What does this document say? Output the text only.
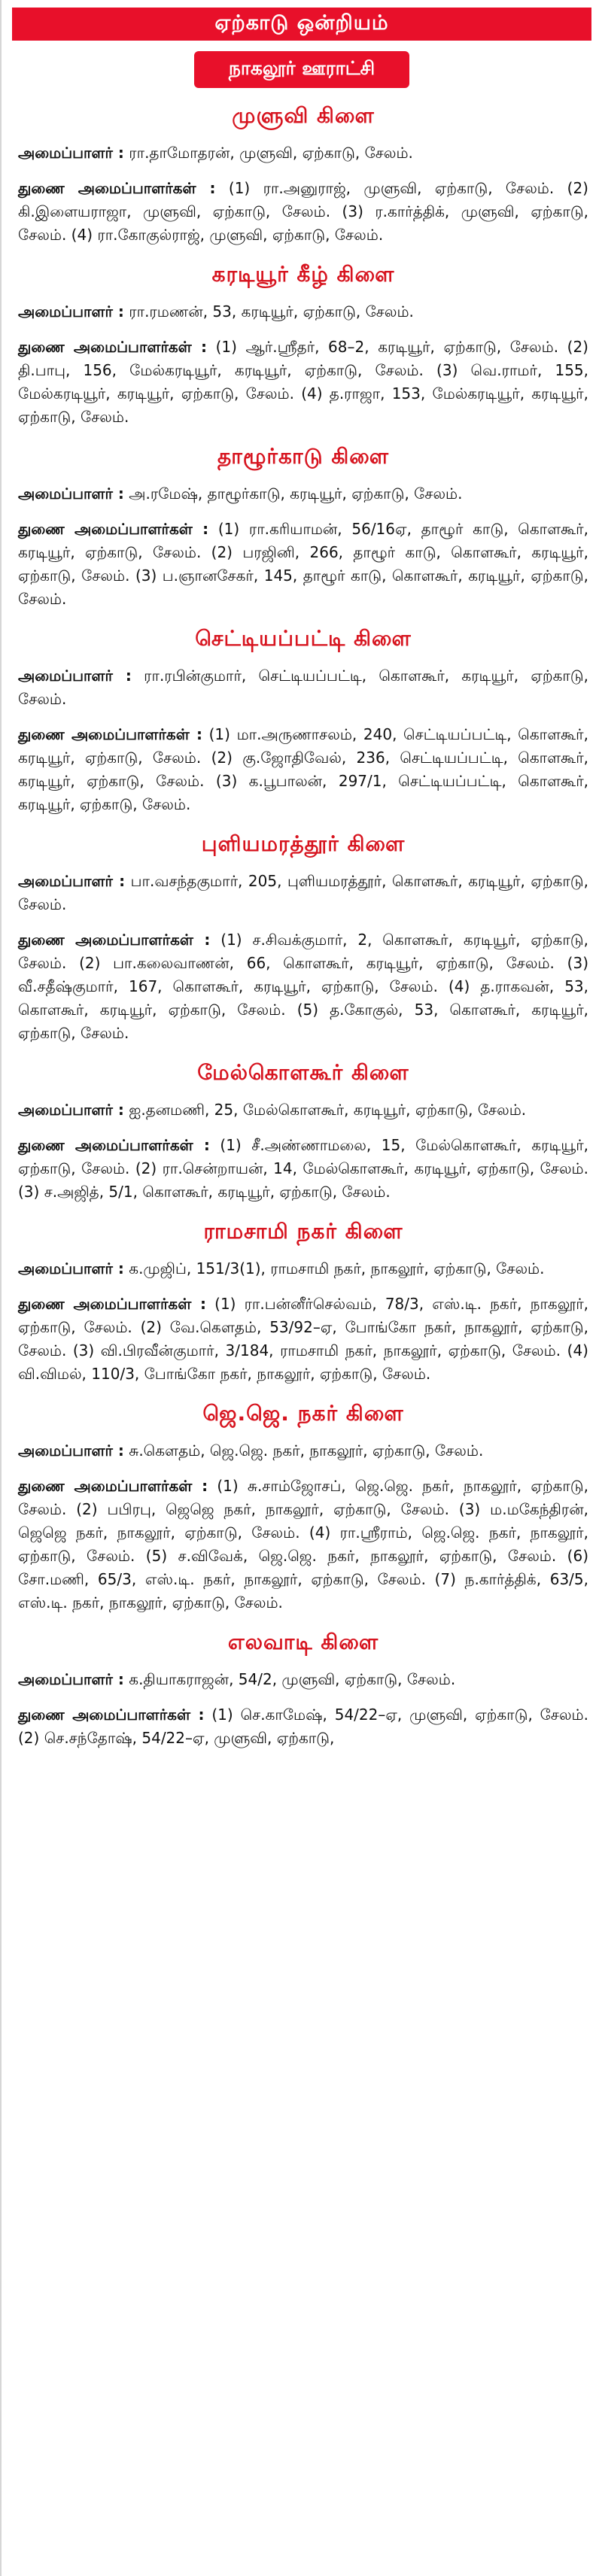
ஏற்காடு ஒன்றியம்
நாகலூர் ஊராட்சி
முளுவி கிளை

அமைப்பாளர் : ரா.தாமோதரன், முளுவி, ஏற்காடு, சேலம்.

துணை அமைப்பாளர்கள் : (1) ரா.அனுராஜ், முளுவி, ஏற்காடு, சேலம். (2) கி.இளையராஜா, முளுவி, ஏற்காடு, சேலம். (3) ர.கார்த்திக், முளுவி, ஏற்காடு, சேலம். (4) ரா.கோகுல்ராஜ், முளுவி, ஏற்காடு, சேலம்.

கரடியூர் கீழ் கிளை

அமைப்பாளர் : ரா.ரமணன், 53, கரடியூர், ஏற்காடு, சேலம்.

துணை அமைப்பாளர்கள் : (1) ஆர்.ஸ்ரீதர், 68–2, கரடியூர், ஏற்காடு, சேலம். (2) தி.பாபு, 156, மேல்கரடியூர், கரடியூர், ஏற்காடு, சேலம். (3) வெ.ராமர், 155, மேல்கரடியூர், கரடியூர், ஏற்காடு, சேலம். (4) த.ராஜா, 153, மேல்கரடியூர், கரடியூர், ஏற்காடு, சேலம்.

தாழூர்காடு கிளை

அமைப்பாளர் : அ.ரமேஷ், தாழூர்காடு, கரடியூர், ஏற்காடு, சேலம்.

துணை அமைப்பாளர்கள் : (1) ரா.கரியாமன், 56/16ஏ, தாழூர் காடு, கொளகூர், கரடியூர், ஏற்காடு, சேலம். (2) பரஜினி, 266, தாழூர் காடு, கொளகூர், கரடியூர், ஏற்காடு, சேலம். (3) ப.ஞானசேகர், 145, தாழூர் காடு, கொளகூர், கரடியூர், ஏற்காடு, சேலம்.

செட்டியப்பட்டி கிளை

அமைப்பாளர் : ரா.ரபின்குமார், செட்டியப்பட்டி, கொளகூர், கரடியூர், ஏற்காடு, சேலம்.

துணை அமைப்பாளர்கள் : (1) மா.அருணாசலம், 240, செட்டியப்பட்டி, கொளகூர், கரடியூர், ஏற்காடு, சேலம். (2) கு.ஜோதிவேல், 236, செட்டியப்பட்டி, கொளகூர், கரடியூர், ஏற்காடு, சேலம். (3) க.பூபாலன், 297/1, செட்டியப்பட்டி, கொளகூர், கரடியூர், ஏற்காடு, சேலம்.

புளியமரத்தூர் கிளை

அமைப்பாளர் : பா.வசந்தகுமார், 205, புளியமரத்தூர், கொளகூர், கரடியூர், ஏற்காடு, சேலம்.

துணை அமைப்பாளர்கள் : (1) ச.சிவக்குமார், 2, கொளகூர், கரடியூர், ஏற்காடு, சேலம். (2) பா.கலைவாணன், 66, கொளகூர், கரடியூர், ஏற்காடு, சேலம். (3) வீ.சதீஷ்குமார், 167, கொளகூர், கரடியூர், ஏற்காடு, சேலம். (4) த.ராகவன், 53, கொளகூர், கரடியூர், ஏற்காடு, சேலம். (5) த.கோகுல், 53, கொளகூர், கரடியூர், ஏற்காடு, சேலம்.

மேல்கொளகூர் கிளை

அமைப்பாளர் : ஐ.தனமணி, 25, மேல்கொளகூர், கரடியூர், ஏற்காடு, சேலம்.

துணை அமைப்பாளர்கள் : (1) சீ.அண்ணாமலை, 15, மேல்கொளகூர், கரடியூர், ஏற்காடு, சேலம். (2) ரா.சென்றாயன், 14, மேல்கொளகூர், கரடியூர், ஏற்காடு, சேலம். (3) ச.அஜித், 5/1, கொளகூர், கரடியூர், ஏற்காடு, சேலம்.

ராமசாமி நகர் கிளை

அமைப்பாளர் : க.முஜிப், 151/3(1), ராமசாமி நகர், நாகலூர், ஏற்காடு, சேலம்.

துணை அமைப்பாளர்கள் : (1) ரா.பன்னீர்செல்வம், 78/3, எஸ்.டி. நகர், நாகலூர், ஏற்காடு, சேலம். (2) வே.கௌதம், 53/92–ஏ, போங்கோ நகர், நாகலூர், ஏற்காடு, சேலம். (3) வி.பிரவீன்குமார், 3/184, ராமசாமி நகர், நாகலூர், ஏற்காடு, சேலம். (4) வி.விமல், 110/3, போங்கோ நகர், நாகலூர், ஏற்காடு, சேலம்.

ஜெ.ஜெ. நகர் கிளை

அமைப்பாளர் : சு.கௌதம், ஜெ.ஜெ. நகர், நாகலூர், ஏற்காடு, சேலம்.

துணை அமைப்பாளர்கள் : (1) சு.சாம்ஜோசப், ஜெ.ஜெ. நகர், நாகலூர், ஏற்காடு, சேலம். (2) பபிரபு, ஜெஜெ நகர், நாகலூர், ஏற்காடு, சேலம். (3) ம.மகேந்திரன், ஜெஜெ நகர், நாகலூர், ஏற்காடு, சேலம். (4) ரா.ஸ்ரீராம், ஜெ.ஜெ. நகர், நாகலூர், ஏற்காடு, சேலம். (5) ச.விவேக், ஜெ.ஜெ. நகர், நாகலூர், ஏற்காடு, சேலம். (6) சோ.மணி, 65/3, எஸ்.டி. நகர், நாகலூர், ஏற்காடு, சேலம். (7) ந.கார்த்திக், 63/5, எஸ்.டி. நகர், நாகலூர், ஏற்காடு, சேலம்.

எலவாடி கிளை

அமைப்பாளர் : க.தியாகராஜன், 54/2, முளுவி, ஏற்காடு, சேலம்.

துணை அமைப்பாளர்கள் : (1) செ.காமேஷ், 54/22–ஏ, முளுவி, ஏற்காடு, சேலம். (2) செ.சந்தோஷ், 54/22–ஏ, முளுவி, ஏற்காடு,
